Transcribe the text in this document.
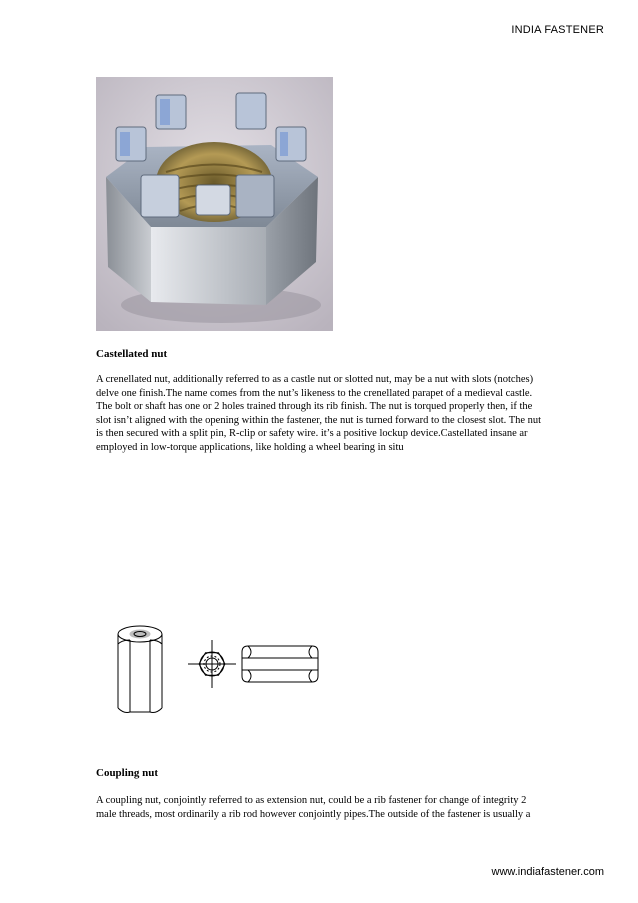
INDIA FASTENER
Castellated nut

A crenellated nut, additionally referred to as a castle nut or slotted nut, may be a nut with slots (notches) delve one finish.The name comes from the nut’s likeness to the crenellated parapet of a medieval castle.

The bolt or shaft has one or 2 holes trained through its rib finish. The nut is torqued properly then, if the slot isn’t aligned with the opening within the fastener, the nut is turned forward to the closest slot. The nut is then secured with a split pin, R-clip or safety wire. it’s a positive lockup device.Castellated insane ar employed in low-torque applications, like holding a wheel bearing in situ

Coupling nut

A coupling nut, conjointly referred to as extension nut, could be a rib fastener for change of integrity 2 male threads, most ordinarily a rib rod however conjointly pipes.The outside of the fastener is usually a

www.indiafastener.com
